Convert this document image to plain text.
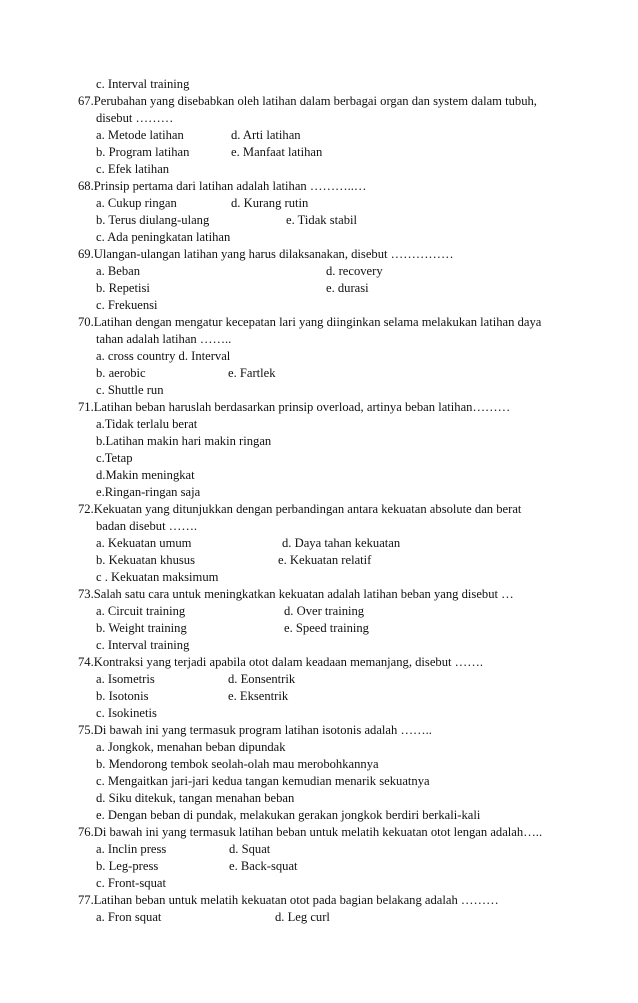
c. Interval training
67.Perubahan yang disebabkan oleh latihan dalam berbagai organ dan system dalam tubuh,
disebut ………
a. Metode latihan	d. Arti latihan
b. Program latihan	e. Manfaat latihan
c. Efek latihan
68.Prinsip pertama dari latihan adalah latihan ………..…
a. Cukup ringan	d. Kurang rutin
b. Terus diulang-ulang	e. Tidak stabil
c. Ada peningkatan latihan
69.Ulangan-ulangan latihan yang harus dilaksanakan, disebut ……………
a. Beban	d. recovery
b. Repetisi	e. durasi
c. Frekuensi
70.Latihan dengan mengatur kecepatan lari yang diinginkan selama melakukan latihan daya
tahan adalah latihan ……..
a. cross country d. Interval
b. aerobic	e. Fartlek
c. Shuttle run
71.Latihan beban haruslah berdasarkan prinsip overload, artinya beban latihan………
a.Tidak terlalu berat
b.Latihan makin hari makin ringan
c.Tetap
d.Makin meningkat
e.Ringan-ringan saja
72.Kekuatan yang ditunjukkan dengan perbandingan antara kekuatan absolute dan berat
badan disebut …….
a. Kekuatan umum	d. Daya tahan kekuatan
b. Kekuatan khusus	e. Kekuatan relatif
c . Kekuatan maksimum
73.Salah satu cara untuk meningkatkan kekuatan adalah latihan beban yang disebut …
a. Circuit training	d. Over training
b. Weight training	e. Speed training
c. Interval training
74.Kontraksi yang terjadi apabila otot dalam keadaan memanjang, disebut …….
a. Isometris	d. Eonsentrik
b. Isotonis	e. Eksentrik
c. Isokinetis
75.Di bawah ini yang termasuk program latihan isotonis adalah ……..
a. Jongkok, menahan beban dipundak
b. Mendorong tembok seolah-olah mau merobohkannya
c. Mengaitkan jari-jari kedua tangan kemudian menarik sekuatnya
d. Siku ditekuk, tangan menahan beban
e. Dengan beban di pundak, melakukan gerakan jongkok berdiri berkali-kali
76.Di bawah ini yang termasuk latihan beban untuk melatih kekuatan otot lengan adalah…..
a. Inclin press	d. Squat
b. Leg-press	e. Back-squat
c. Front-squat
77.Latihan beban untuk melatih kekuatan otot pada bagian belakang adalah ………
a. Fron squat	d. Leg curl
